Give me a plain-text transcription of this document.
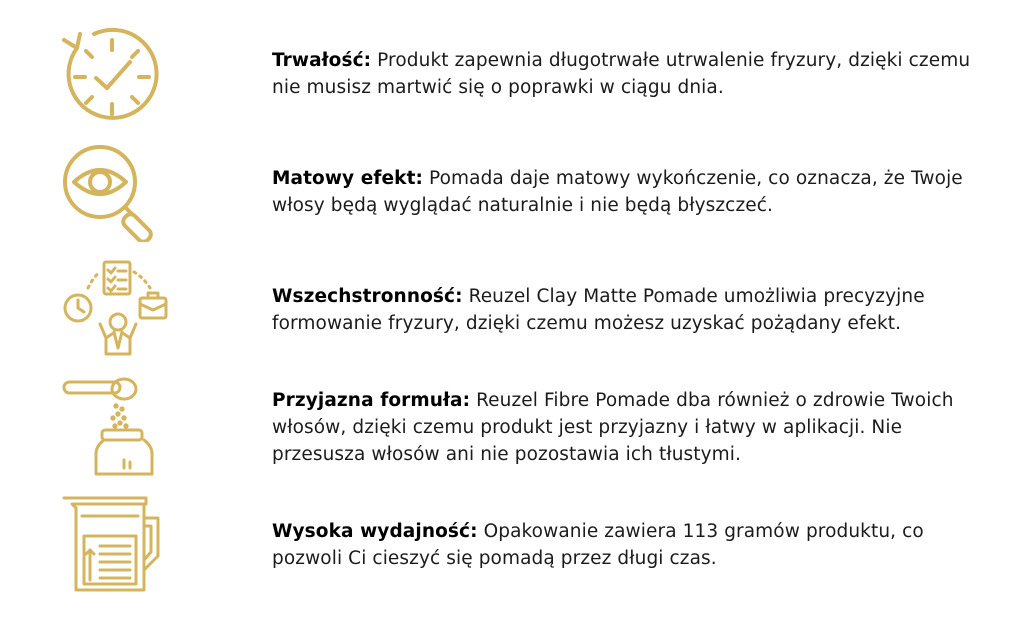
Trwałość: Produkt zapewnia długotrwałe utrwalenie fryzury, dzięki czemu nie musisz martwić się o poprawki w ciągu dnia.
Matowy efekt: Pomada daje matowy wykończenie, co oznacza, że Twoje włosy będą wyglądać naturalnie i nie będą błyszczeć.
Wszechstronność: Reuzel Clay Matte Pomade umożliwia precyzyjne formowanie fryzury, dzięki czemu możesz uzyskać pożądany efekt.
Przyjazna formuła: Reuzel Fibre Pomade dba również o zdrowie Twoich włosów, dzięki czemu produkt jest przyjazny i łatwy w aplikacji. Nie przesusza włosów ani nie pozostawia ich tłustymi.
Wysoka wydajność: Opakowanie zawiera 113 gramów produktu, co pozwoli Ci cieszyć się pomadą przez długi czas.
